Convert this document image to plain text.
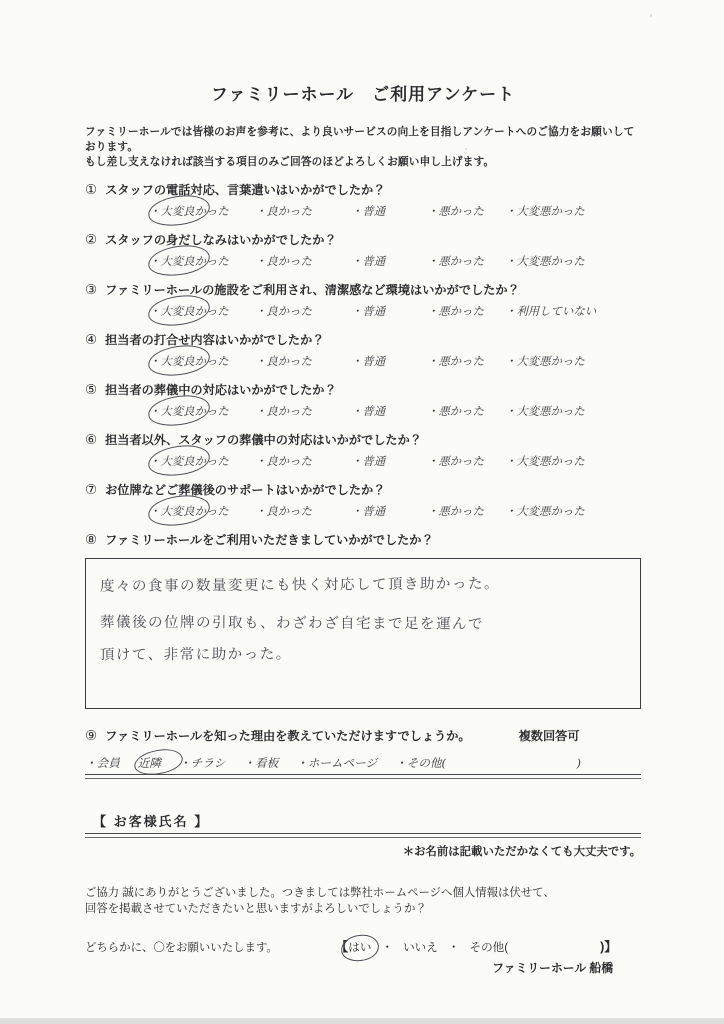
ファミリーホール　ご利用アンケート
ファミリーホールでは皆様のお声を参考に、より良いサービスの向上を目指しアンケートへのご協力をお願いしております。
もし差し支えなければ該当する項目のみご回答のほどよろしくお願い申し上げます。
① スタッフの電話対応、言葉遣いはいかがでしたか？
・大変良かった	・良かった	・普通	・悪かった	・大変悪かった
② スタッフの身だしなみはいかがでしたか？
・大変良かった	・良かった	・普通	・悪かった	・大変悪かった
③ ファミリーホールの施設をご利用され、清潔感など環境はいかがでしたか？
・大変良かった	・良かった	・普通	・悪かった	・利用していない
④ 担当者の打合せ内容はいかがでしたか？
・大変良かった	・良かった	・普通	・悪かった	・大変悪かった
⑤ 担当者の葬儀中の対応はいかがでしたか？
・大変良かった	・良かった	・普通	・悪かった	・大変悪かった
⑥ 担当者以外、スタッフの葬儀中の対応はいかがでしたか？
・大変良かった	・良かった	・普通	・悪かった	・大変悪かった
⑦ お位牌などご葬儀後のサポートはいかがでしたか？
・大変良かった	・良かった	・普通	・悪かった	・大変悪かった
⑧ ファミリーホールをご利用いただきましていかがでしたか？
度々の食事の数量変更にも快く対応して頂き助かった。
葬儀後の位牌の引取も、わざわざ自宅まで足を運んで
頂けて、非常に助かった。
⑨ ファミリーホールを知った理由を教えていただけますでしょうか。	複数回答可
・会員 近隣 ・チラシ ・看板 ・ホームページ ・その他(	)
【 お客様氏名 】
＊お名前は記載いただかなくても大丈夫です。
ご協力 誠にありがとうございました。つきましては弊社ホームページへ個人情報は伏せて、
回答を掲載させていただきたいと思いますがよろしいでしょうか？
どちらかに、〇をお願いいたします。	【 はい ・ いいえ ・ その他(	)】
ファミリーホール 船橋
